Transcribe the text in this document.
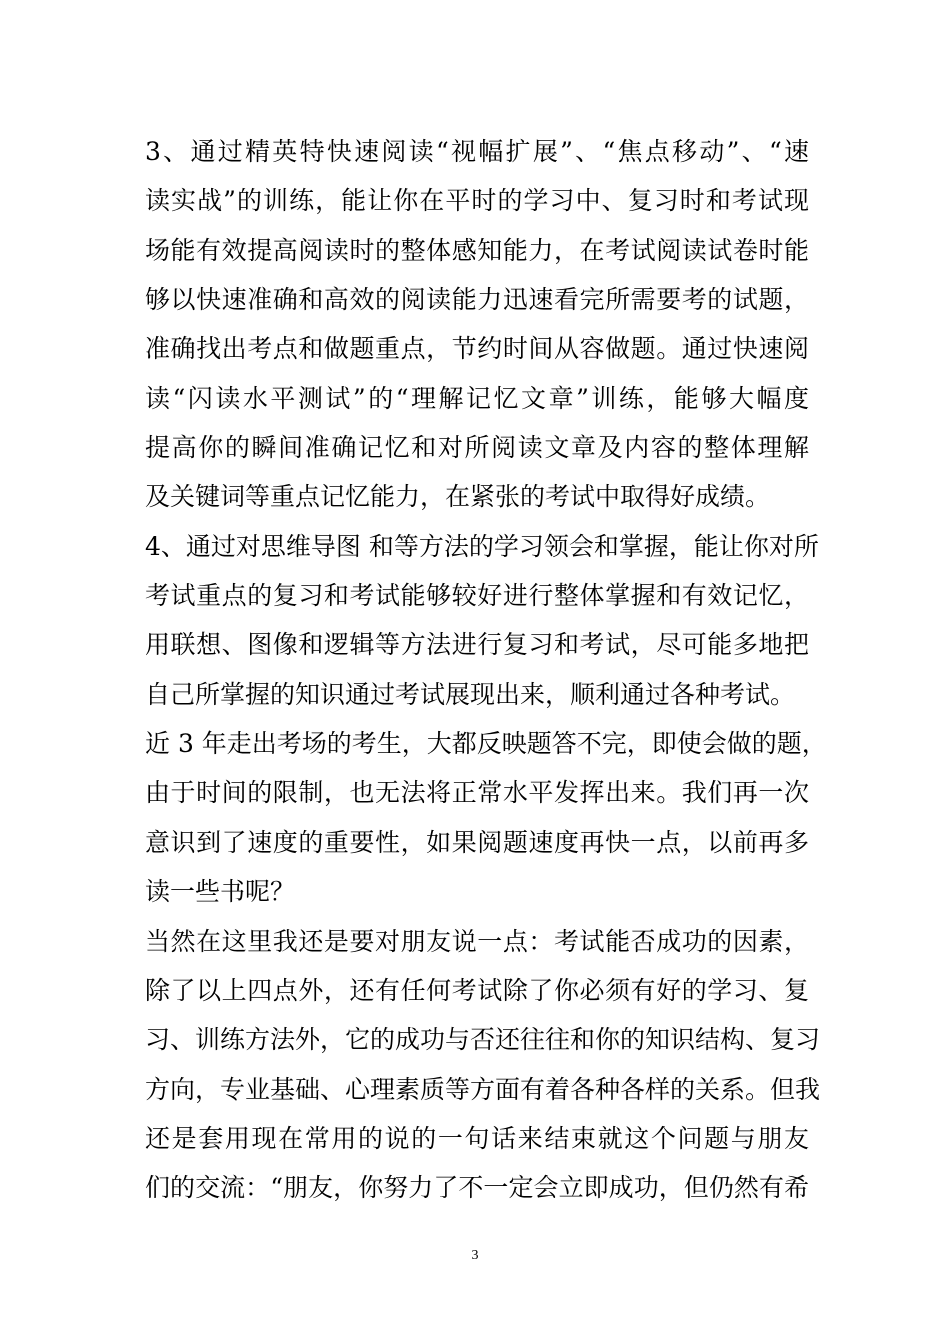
3、通过精英特快速阅读“视幅扩展”、“焦点移动”、“速
读实战”的训练，能让你在平时的学习中、复习时和考试现
场能有效提高阅读时的整体感知能力，在考试阅读试卷时能
够以快速准确和高效的阅读能力迅速看完所需要考的试题，
准确找出考点和做题重点，节约时间从容做题。通过快速阅
读“闪读水平测试”的“理解记忆文章”训练，能够大幅度
提高你的瞬间准确记忆和对所阅读文章及内容的整体理解
及关键词等重点记忆能力，在紧张的考试中取得好成绩。
4、通过对思维导图 和等方法的学习领会和掌握，能让你对所
考试重点的复习和考试能够较好进行整体掌握和有效记忆，
用联想、图像和逻辑等方法进行复习和考试，尽可能多地把
自己所掌握的知识通过考试展现出来，顺利通过各种考试。
近 3 年走出考场的考生，大都反映题答不完，即使会做的题，
由于时间的限制，也无法将正常水平发挥出来。我们再一次
意识到了速度的重要性，如果阅题速度再快一点，以前再多
读一些书呢？
当然在这里我还是要对朋友说一点：考试能否成功的因素，
除了以上四点外，还有任何考试除了你必须有好的学习、复
习、训练方法外，它的成功与否还往往和你的知识结构、复习
方向，专业基础、心理素质等方面有着各种各样的关系。但我
还是套用现在常用的说的一句话来结束就这个问题与朋友
们的交流：“朋友，你努力了不一定会立即成功，但仍然有希
3
